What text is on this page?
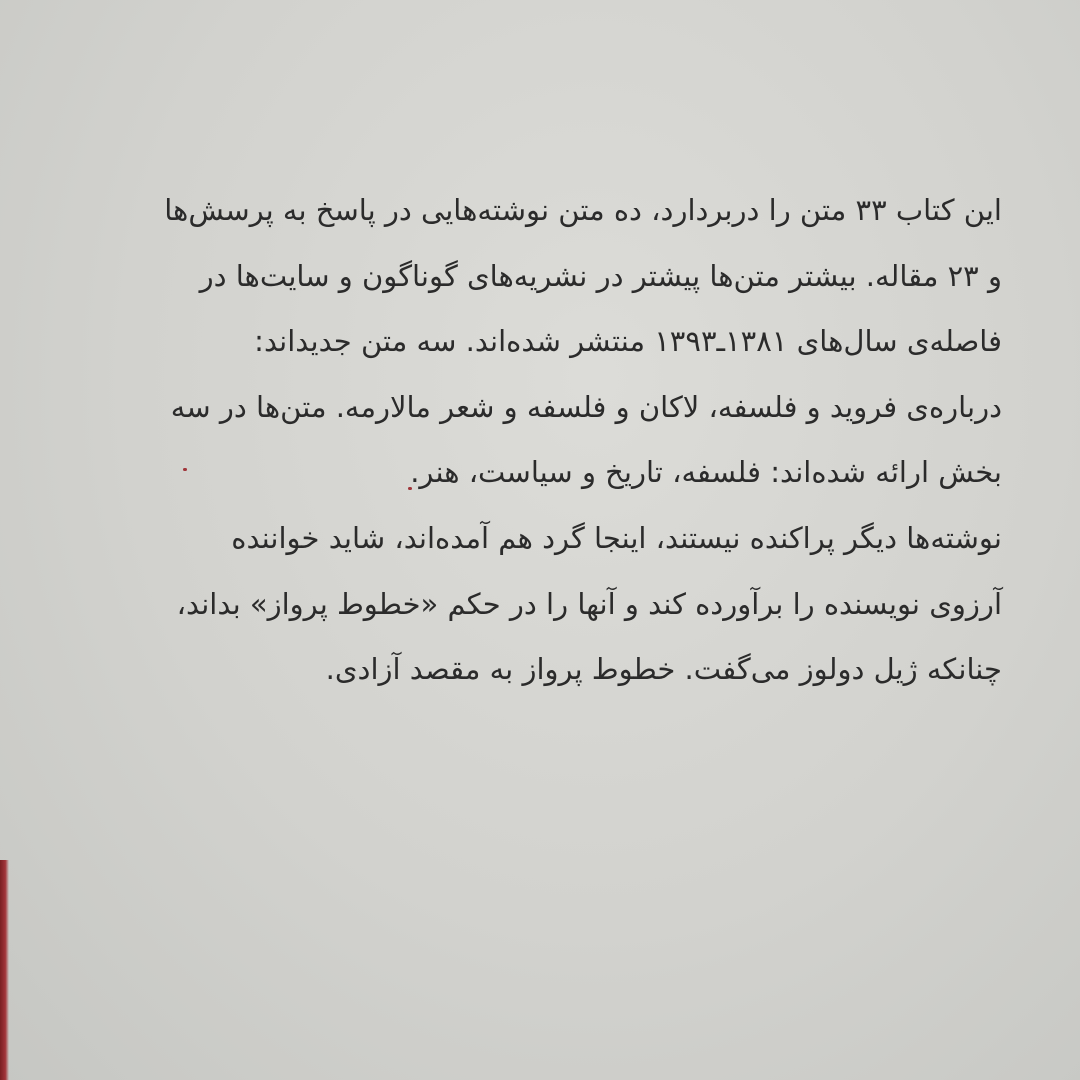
این کتاب ۳۳ متن را دربردارد، ده متن نوشته‌هایی در پاسخ به پرسش‌ها
و ۲۳ مقاله. بیشتر متن‌ها پیشتر در نشریه‌های گوناگون و سایت‌ها در
فاصله‌ی سال‌های ۱۳۸۱ـ۱۳۹۳ منتشر شده‌اند. سه متن جدیداند:
درباره‌ی فروید و فلسفه، لاکان و فلسفه و شعر مالارمه. متن‌ها در سه
بخش ارائه شده‌اند: فلسفه، تاریخ و سیاست، هنر.
نوشته‌ها دیگر پراکنده نیستند، اینجا گرد هم آمده‌اند، شاید خواننده
آرزوی نویسنده را برآورده کند و آنها را در حکم «خطوط پرواز» بداند،
چنانکه ژیل دولوز می‌گفت. خطوط پرواز به مقصد آزادی.
